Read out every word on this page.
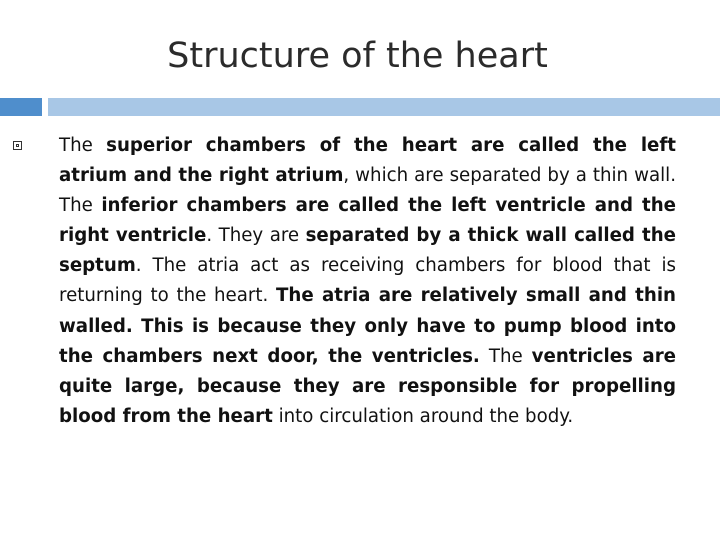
Structure of the heart

The superior chambers of the heart are called the left atrium and the right atrium, which are separated by a thin wall. The inferior chambers are called the left ventricle and the right ventricle. They are separated by a thick wall called the septum. The atria act as receiving chambers for blood that is returning to the heart. The atria are relatively small and thin walled. This is because they only have to pump blood into the chambers next door, the ventricles. The ventricles are quite large, because they are responsible for propelling blood from the heart into circulation around the body.
